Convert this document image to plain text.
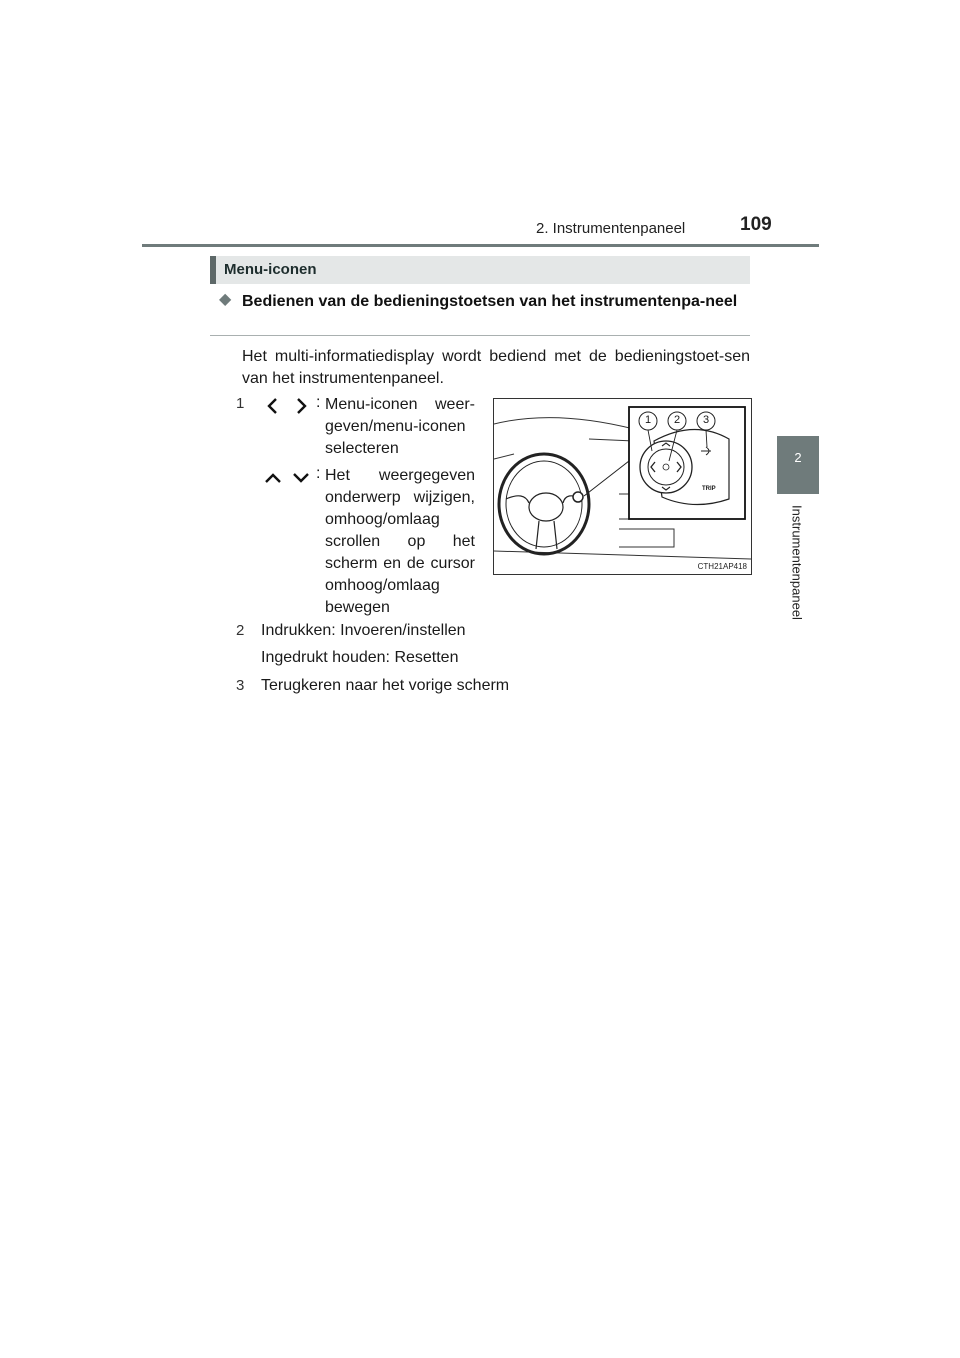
2. Instrumentenpaneel	109
2
Instrumentenpaneel
Menu-iconen
◆ Bedienen van de bedieningstoetsen van het instrumentenpa-neel
Het multi-informatiedisplay wordt bediend met de bedieningstoet-sen van het instrumentenpaneel.
1	: Menu-iconen weer-geven/menu-iconen selecteren
: Het weergegeven onderwerp wijzigen, omhoog/omlaag scrollen op het scherm en de cursor omhoog/omlaag bewegen
2 Indrukken: Invoeren/instellen
Ingedrukt houden: Resetten
3 Terugkeren naar het vorige scherm
1 2 3
TRIP
CTH21AP418
